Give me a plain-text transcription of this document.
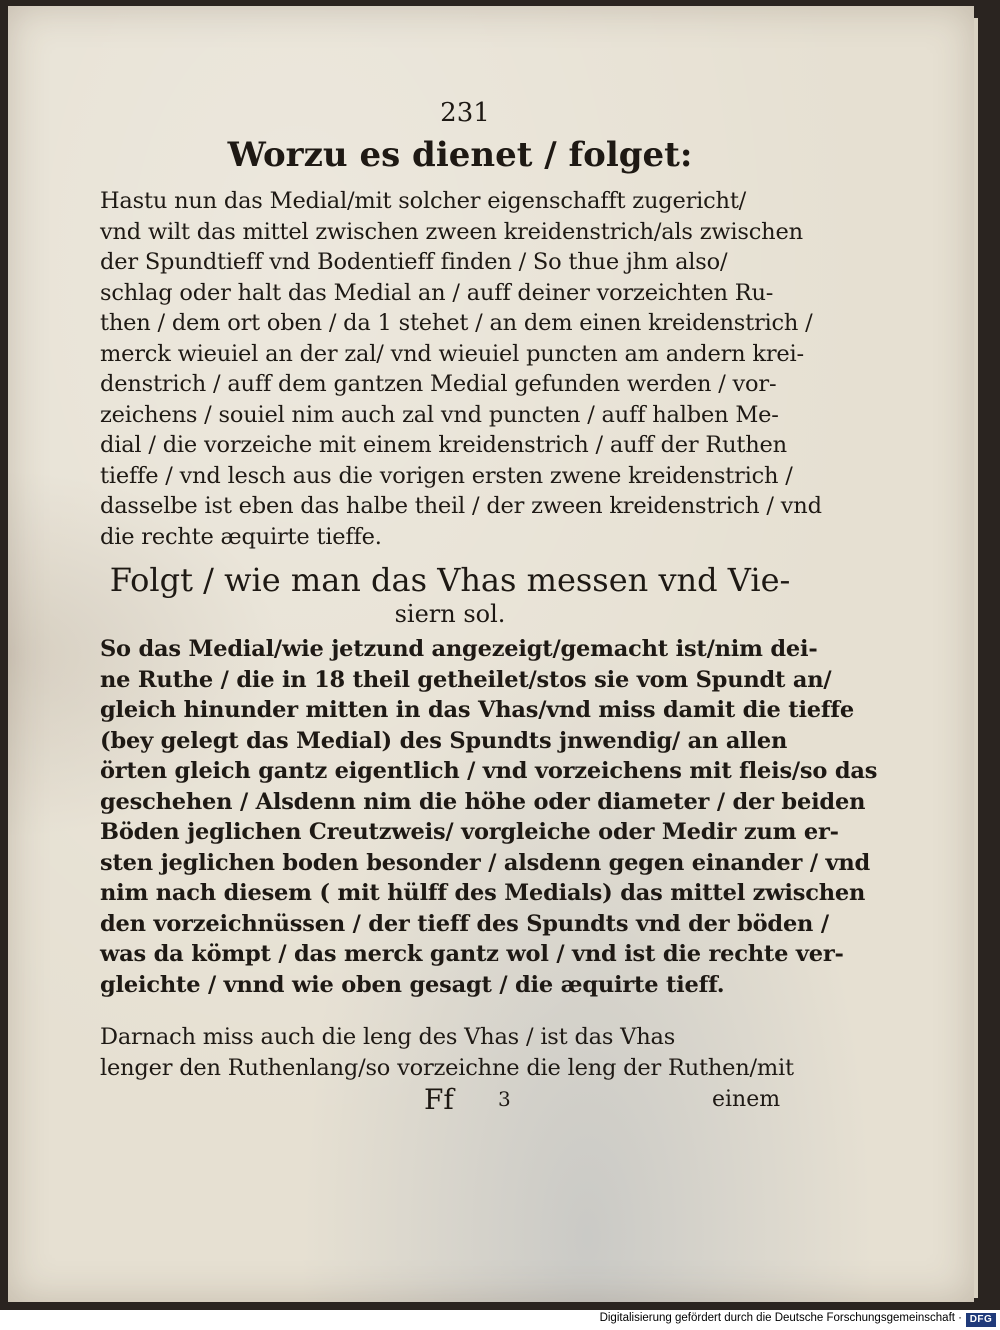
231
Worzu es dienet / folget:
Hastu nun das Medial/mit solcher eigenschafft zugericht/
vnd wilt das mittel zwischen zween kreidenstrich/als zwischen
der Spundtieff vnd Bodentieff finden / So thue jhm also/
schlag oder halt das Medial an / auff deiner vorzeichten Ru-
then / dem ort oben / da 1 stehet / an dem einen kreidenstrich /
merck wieuiel an der zal/ vnd wieuiel puncten am andern krei-
denstrich / auff dem gantzen Medial gefunden werden / vor-
zeichens / souiel nim auch zal vnd puncten / auff halben Me-
dial / die vorzeiche mit einem kreidenstrich / auff der Ruthen
tieffe / vnd lesch aus die vorigen ersten zwene kreidenstrich /
dasselbe ist eben das halbe theil / der zween kreidenstrich / vnd
die rechte æquirte tieffe.
Folgt / wie man das Vhas messen vnd Vie-
siern sol.
So das Medial/wie jetzund angezeigt/gemacht ist/nim dei-
ne Ruthe / die in 18 theil getheilet/stos sie vom Spundt an/
gleich hinunder mitten in das Vhas/vnd miss damit die tieffe
(bey gelegt das Medial) des Spundts jnwendig/ an allen
örten gleich gantz eigentlich / vnd vorzeichens mit fleis/so das
geschehen / Alsdenn nim die höhe oder diameter / der beiden
Böden jeglichen Creutzweis/ vorgleiche oder Medir zum er-
sten jeglichen boden besonder / alsdenn gegen einander / vnd
nim nach diesem ( mit hülff des Medials) das mittel zwischen
den vorzeichnüssen / der tieff des Spundts vnd der böden /
was da kömpt / das merck gantz wol / vnd ist die rechte ver-
gleichte / vnnd wie oben gesagt / die æquirte tieff.
Darnach miss auch die leng des Vhas / ist das Vhas
lenger den Ruthenlang/so vorzeichne die leng der Ruthen/mit
Ff 3	einem
Digitalisierung gefördert durch die Deutsche Forschungsgemeinschaft · DFG
